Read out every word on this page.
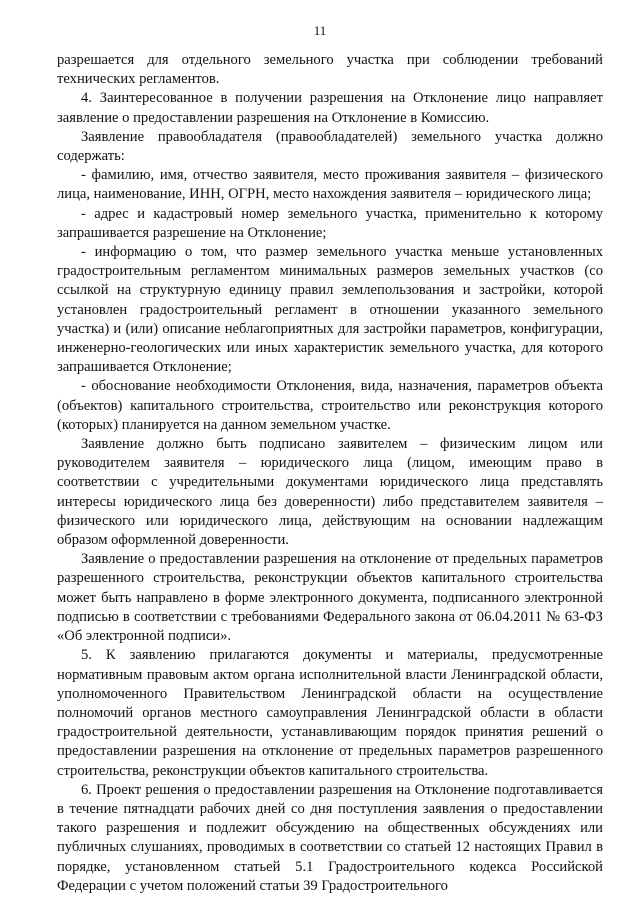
11

разрешается для отдельного земельного участка при соблюдении требований технических регламентов.

4. Заинтересованное в получении разрешения на Отклонение лицо направляет заявление о предоставлении разрешения на Отклонение в Комиссию.

Заявление правообладателя (правообладателей) земельного участка должно содержать:

- фамилию, имя, отчество заявителя, место проживания заявителя – физического лица, наименование, ИНН, ОГРН, место нахождения заявителя – юридического лица;

- адрес и кадастровый номер земельного участка, применительно к которому запрашивается разрешение на Отклонение;

- информацию о том, что размер земельного участка меньше установленных градостроительным регламентом минимальных размеров земельных участков (со ссылкой на структурную единицу правил землепользования и застройки, которой установлен градостроительный регламент в отношении указанного земельного участка) и (или) описание неблагоприятных для застройки параметров, конфигурации, инженерно-геологических или иных характеристик земельного участка, для которого запрашивается Отклонение;

- обоснование необходимости Отклонения, вида, назначения, параметров объекта (объектов) капитального строительства, строительство или реконструкция которого (которых) планируется на данном земельном участке.

Заявление должно быть подписано заявителем – физическим лицом или руководителем заявителя – юридического лица (лицом, имеющим право в соответствии с учредительными документами юридического лица представлять интересы юридического лица без доверенности) либо представителем заявителя – физического или юридического лица, действующим на основании надлежащим образом оформленной доверенности.

Заявление о предоставлении разрешения на отклонение от предельных параметров разрешенного строительства, реконструкции объектов капитального строительства может быть направлено в форме электронного документа, подписанного электронной подписью в соответствии с требованиями Федерального закона от 06.04.2011 № 63-ФЗ «Об электронной подписи».

5. К заявлению прилагаются документы и материалы, предусмотренные нормативным правовым актом органа исполнительной власти Ленинградской области, уполномоченного Правительством Ленинградской области на осуществление полномочий органов местного самоуправления Ленинградской области в области градостроительной деятельности, устанавливающим порядок принятия решений о предоставлении разрешения на отклонение от предельных параметров разрешенного строительства, реконструкции объектов капитального строительства.

6. Проект решения о предоставлении разрешения на Отклонение подготавливается в течение пятнадцати рабочих дней со дня поступления заявления о предоставлении такого разрешения и подлежит обсуждению на общественных обсуждениях или публичных слушаниях, проводимых в соответствии со статьей 12 настоящих Правил в порядке, установленном статьей 5.1 Градостроительного кодекса Российской Федерации с учетом положений статьи 39 Градостроительного
